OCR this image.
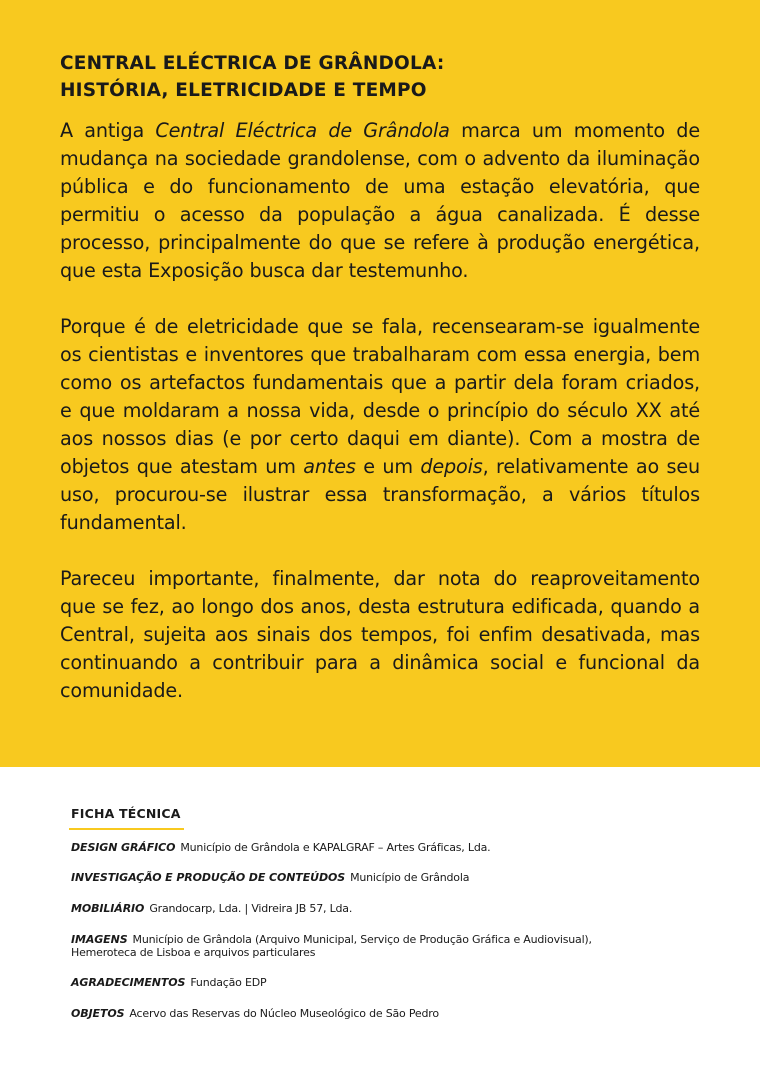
CENTRAL ELÉCTRICA DE GRÂNDOLA:
HISTÓRIA, ELETRICIDADE E TEMPO

A antiga Central Eléctrica de Grândola marca um momento de mudança na sociedade grandolense, com o advento da iluminação pública e do funcionamento de uma estação elevatória, que permitiu o acesso da população a água canalizada. É desse processo, principalmente do que se refere à produção energética, que esta Exposição busca dar testemunho.

Porque é de eletricidade que se fala, recensearam-se igualmente os cientistas e inventores que trabalharam com essa energia, bem como os artefactos fundamentais que a partir dela foram criados, e que moldaram a nossa vida, desde o princípio do século XX até aos nossos dias (e por certo daqui em diante). Com a mostra de objetos que atestam um antes e um depois, relativamente ao seu uso, procurou-se ilustrar essa transformação, a vários títulos fundamental.

Pareceu importante, finalmente, dar nota do reaproveitamento que se fez, ao longo dos anos, desta estrutura edificada, quando a Central, sujeita aos sinais dos tempos, foi enfim desativada, mas continuando a contribuir para a dinâmica social e funcional da comunidade.

FICHA TÉCNICA
DESIGN GRÁFICO Município de Grândola e KAPALGRAF – Artes Gráficas, Lda.
INVESTIGAÇÃO E PRODUÇÃO DE CONTEÚDOS Município de Grândola
MOBILIÁRIO Grandocarp, Lda. | Vidreira JB 57, Lda.
IMAGENS Município de Grândola (Arquivo Municipal, Serviço de Produção Gráfica e Audiovisual),
Hemeroteca de Lisboa e arquivos particulares
AGRADECIMENTOS Fundação EDP
OBJETOS Acervo das Reservas do Núcleo Museológico de São Pedro
